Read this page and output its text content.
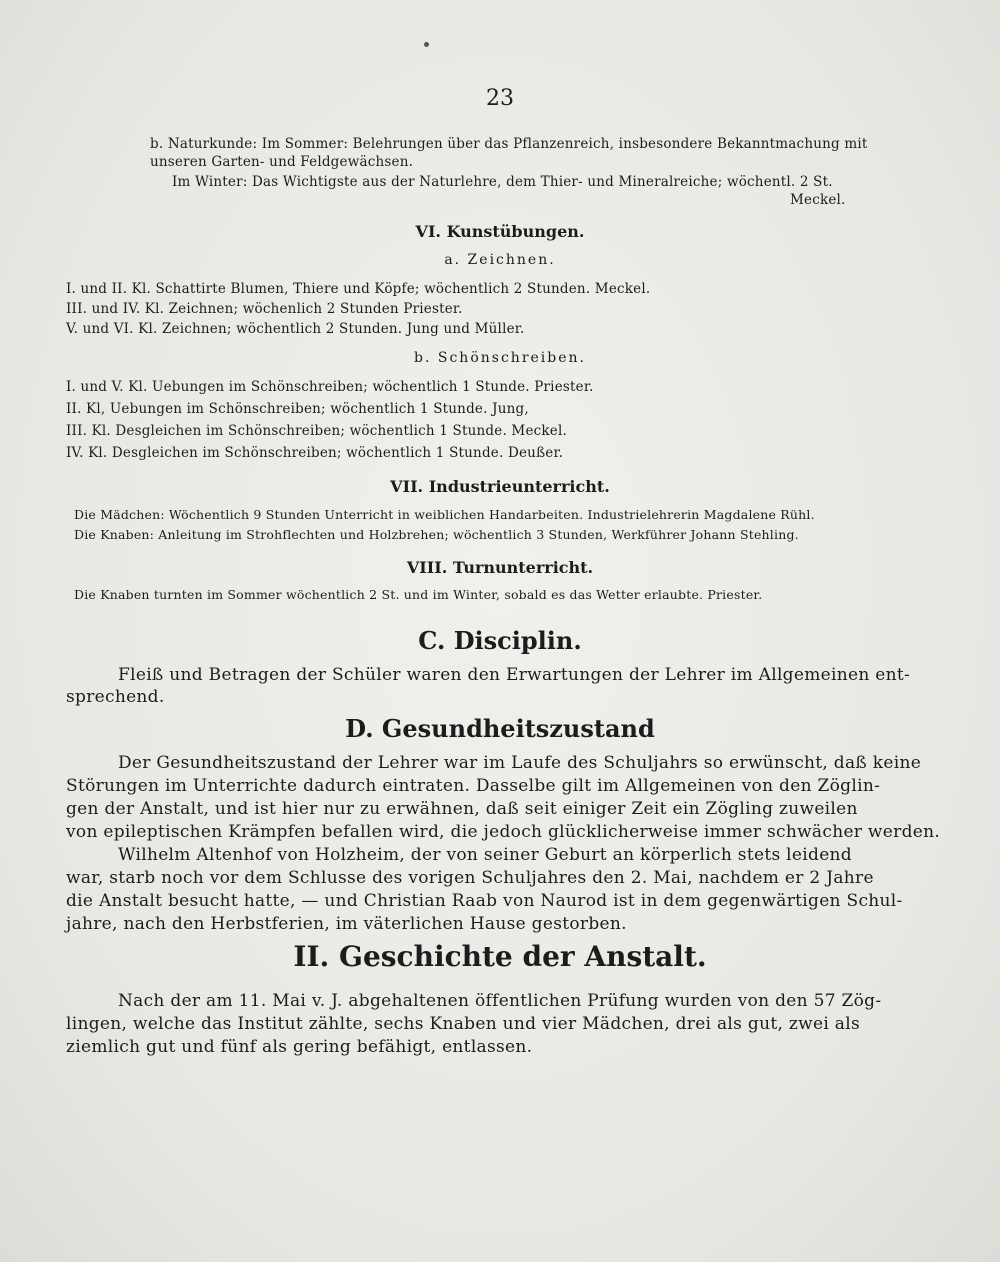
23
b. Naturkunde: Im Sommer: Belehrungen über das Pflanzenreich, insbesondere Bekanntmachung mit
unseren Garten- und Feldgewächsen.
Im Winter: Das Wichtigste aus der Naturlehre, dem Thier- und Mineralreiche; wöchentl. 2 St.
Meckel.
VI. Kunstübungen.
a. Zeichnen.
I. und II. Kl. Schattirte Blumen, Thiere und Köpfe; wöchentlich 2 Stunden. Meckel.
III. und IV. Kl. Zeichnen; wöchenlich 2 Stunden Priester.
V. und VI. Kl. Zeichnen; wöchentlich 2 Stunden. Jung und Müller.
b. Schönschreiben.
I. und V. Kl. Uebungen im Schönschreiben; wöchentlich 1 Stunde. Priester.
II. Kl, Uebungen im Schönschreiben; wöchentlich 1 Stunde. Jung,
III. Kl. Desgleichen im Schönschreiben; wöchentlich 1 Stunde. Meckel.
IV. Kl. Desgleichen im Schönschreiben; wöchentlich 1 Stunde. Deußer.
VII. Industrieunterricht.
Die Mädchen: Wöchentlich 9 Stunden Unterricht in weiblichen Handarbeiten. Industrielehrerin Magdalene Rühl.
Die Knaben: Anleitung im Strohflechten und Holzbrehen; wöchentlich 3 Stunden, Werkführer Johann Stehling.
VIII. Turnunterricht.
Die Knaben turnten im Sommer wöchentlich 2 St. und im Winter, sobald es das Wetter erlaubte. Priester.
C. Disciplin.
Fleiß und Betragen der Schüler waren den Erwartungen der Lehrer im Allgemeinen ent-
sprechend.
D. Gesundheitszustand
Der Gesundheitszustand der Lehrer war im Laufe des Schuljahrs so erwünscht, daß keine
Störungen im Unterrichte dadurch eintraten. Dasselbe gilt im Allgemeinen von den Zöglin-
gen der Anstalt, und ist hier nur zu erwähnen, daß seit einiger Zeit ein Zögling zuweilen
von epileptischen Krämpfen befallen wird, die jedoch glücklicherweise immer schwächer werden.
Wilhelm Altenhof von Holzheim, der von seiner Geburt an körperlich stets leidend
war, starb noch vor dem Schlusse des vorigen Schuljahres den 2. Mai, nachdem er 2 Jahre
die Anstalt besucht hatte, — und Christian Raab von Naurod ist in dem gegenwärtigen Schul-
jahre, nach den Herbstferien, im väterlichen Hause gestorben.
II. Geschichte der Anstalt.
Nach der am 11. Mai v. J. abgehaltenen öffentlichen Prüfung wurden von den 57 Zög-
lingen, welche das Institut zählte, sechs Knaben und vier Mädchen, drei als gut, zwei als
ziemlich gut und fünf als gering befähigt, entlassen.
